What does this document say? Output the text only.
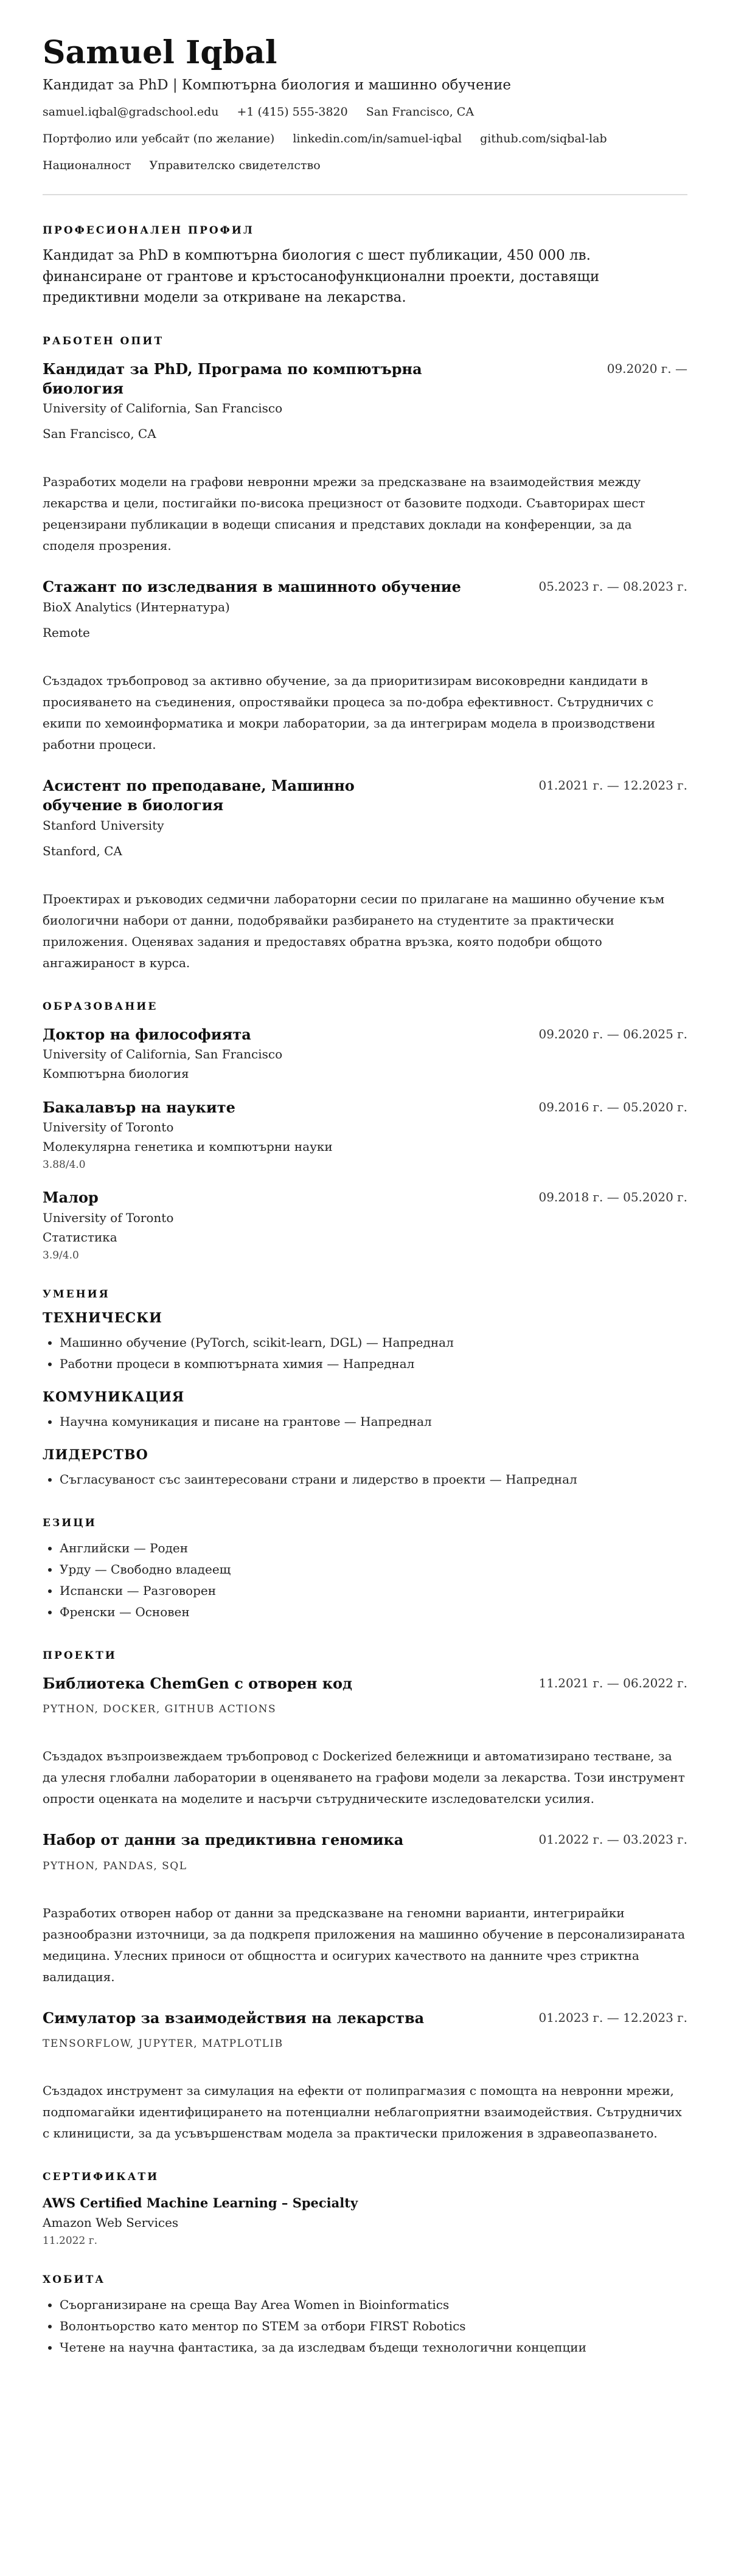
Samuel Iqbal
Кандидат за PhD | Компютърна биология и машинно обучение
samuel.iqbal@gradschool.edu +1 (415) 555-3820 San Francisco, CA
Портфолио или уебсайт (по желание) linkedin.com/in/samuel-iqbal github.com/siqbal-lab
Националност Управителско свидетелство
ПРОФЕСИОНАЛЕН ПРОФИЛ
Кандидат за PhD в компютърна биология с шест публикации, 450 000 лв. финансиране от грантове и кръстосанофункционални проекти, доставящи предиктивни модели за откриване на лекарства.
РАБОТЕН ОПИТ
Кандидат за PhD, Програма по компютърна биология
09.2020 г. —
University of California, San Francisco
San Francisco, CA
Разработих модели на графови невронни мрежи за предсказване на взаимодействия между лекарства и цели, постигайки по-висока прецизност от базовите подходи. Съавторирах шест рецензирани публикации в водещи списания и представих доклади на конференции, за да споделя прозрения.
Стажант по изследвания в машинното обучение	05.2023 г. — 08.2023 г.
BioX Analytics (Интернатура)
Remote
Създадох тръбопровод за активно обучение, за да приоритизирам високовредни кандидати в просияването на съединения, опростявайки процеса за по-добра ефективност. Сътрудничих с екипи по хемоинформатика и мокри лаборатории, за да интегрирам модела в производствени работни процеси.
Асистент по преподаване, Машинно обучение в биология
01.2021 г. — 12.2023 г.
Stanford University
Stanford, CA
Проектирах и ръководих седмични лабораторни сесии по прилагане на машинно обучение към биологични набори от данни, подобрявайки разбирането на студентите за практически приложения. Оценявах задания и предоставях обратна връзка, която подобри общото ангажираност в курса.
ОБРАЗОВАНИЕ
Доктор на философията	09.2020 г. — 06.2025 г.
University of California, San Francisco
Компютърна биология
Бакалавър на науките	09.2016 г. — 05.2020 г.
University of Toronto
Молекулярна генетика и компютърни науки
3.88/4.0
Малор	09.2018 г. — 05.2020 г.
University of Toronto
Статистика
3.9/4.0
УМЕНИЯ
ТЕХНИЧЕСКИ
• Машинно обучение (PyTorch, scikit-learn, DGL) — Напреднал
• Работни процеси в компютърната химия — Напреднал
КОМУНИКАЦИЯ
• Научна комуникация и писане на грантове — Напреднал
ЛИДЕРСТВО
• Съгласуваност със заинтересовани страни и лидерство в проекти — Напреднал
ЕЗИЦИ
• Английски — Роден
• Урду — Свободно владеещ
• Испански — Разговорен
• Френски — Основен
ПРОЕКТИ
Библиотека ChemGen с отворен код	11.2021 г. — 06.2022 г.
PYTHON, DOCKER, GITHUB ACTIONS
Създадох възпроизвеждаем тръбопровод с Dockerized бележници и автоматизирано тестване, за да улесня глобални лаборатории в оценяването на графови модели за лекарства. Този инструмент опрости оценката на моделите и насърчи сътрудническите изследователски усилия.
Набор от данни за предиктивна геномика	01.2022 г. — 03.2023 г.
PYTHON, PANDAS, SQL
Разработих отворен набор от данни за предсказване на геномни варианти, интегрирайки разнообразни източници, за да подкрепя приложения на машинно обучение в персонализираната медицина. Улесних приноси от общността и осигурих качеството на данните чрез стриктна валидация.
Симулатор за взаимодействия на лекарства	01.2023 г. — 12.2023 г.
TENSORFLOW, JUPYTER, MATPLOTLIB
Създадох инструмент за симулация на ефекти от полипрагмазия с помощта на невронни мрежи, подпомагайки идентифицирането на потенциални неблагоприятни взаимодействия. Сътрудничих с клиницисти, за да усъвършенствам модела за практически приложения в здравеопазването.
СЕРТИФИКАТИ
AWS Certified Machine Learning – Specialty
Amazon Web Services
11.2022 г.
ХОБИТА
• Съорганизиране на среща Bay Area Women in Bioinformatics
• Волонтьорство като ментор по STEM за отбори FIRST Robotics
• Четене на научна фантастика, за да изследвам бъдещи технологични концепции
